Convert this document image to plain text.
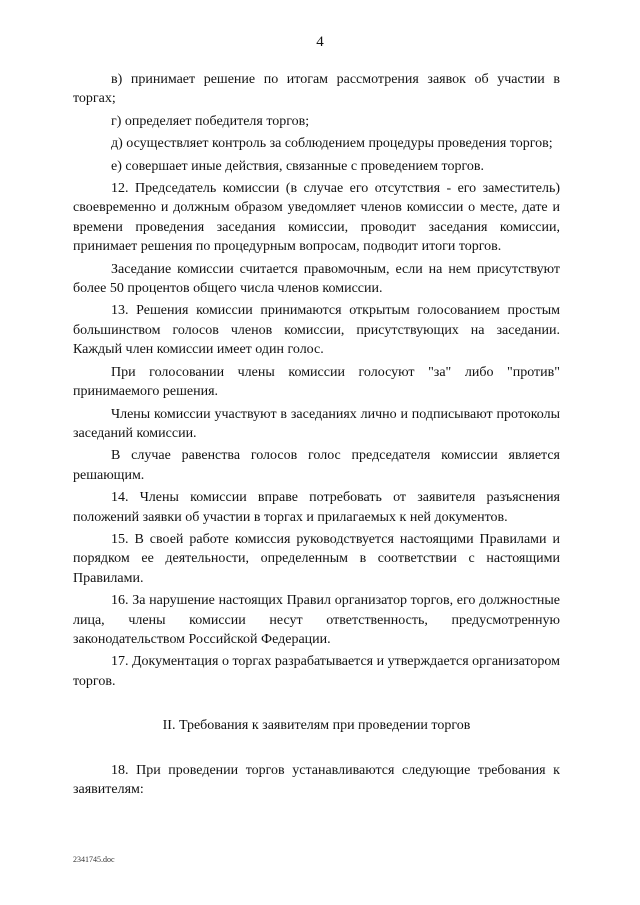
4

в) принимает решение по итогам рассмотрения заявок об участии в торгах;

г) определяет победителя торгов;

д) осуществляет контроль за соблюдением процедуры проведения торгов;

е) совершает иные действия, связанные с проведением торгов.

12. Председатель комиссии (в случае его отсутствия - его заместитель) своевременно и должным образом уведомляет членов комиссии о месте, дате и времени проведения заседания комиссии, проводит заседания комиссии, принимает решения по процедурным вопросам, подводит итоги торгов.

Заседание комиссии считается правомочным, если на нем присутствуют более 50 процентов общего числа членов комиссии.

13. Решения комиссии принимаются открытым голосованием простым большинством голосов членов комиссии, присутствующих на заседании. Каждый член комиссии имеет один голос.

При голосовании члены комиссии голосуют "за" либо "против" принимаемого решения.

Члены комиссии участвуют в заседаниях лично и подписывают протоколы заседаний комиссии.

В случае равенства голосов голос председателя комиссии является решающим.

14. Члены комиссии вправе потребовать от заявителя разъяснения положений заявки об участии в торгах и прилагаемых к ней документов.

15. В своей работе комиссия руководствуется настоящими Правилами и порядком ее деятельности, определенным в соответствии с настоящими Правилами.

16. За нарушение настоящих Правил организатор торгов, его должностные лица, члены комиссии несут ответственность, предусмотренную законодательством Российской Федерации.

17. Документация о торгах разрабатывается и утверждается организатором торгов.

II. Требования к заявителям при проведении торгов

18. При проведении торгов устанавливаются следующие требования к заявителям:

2341745.doc
